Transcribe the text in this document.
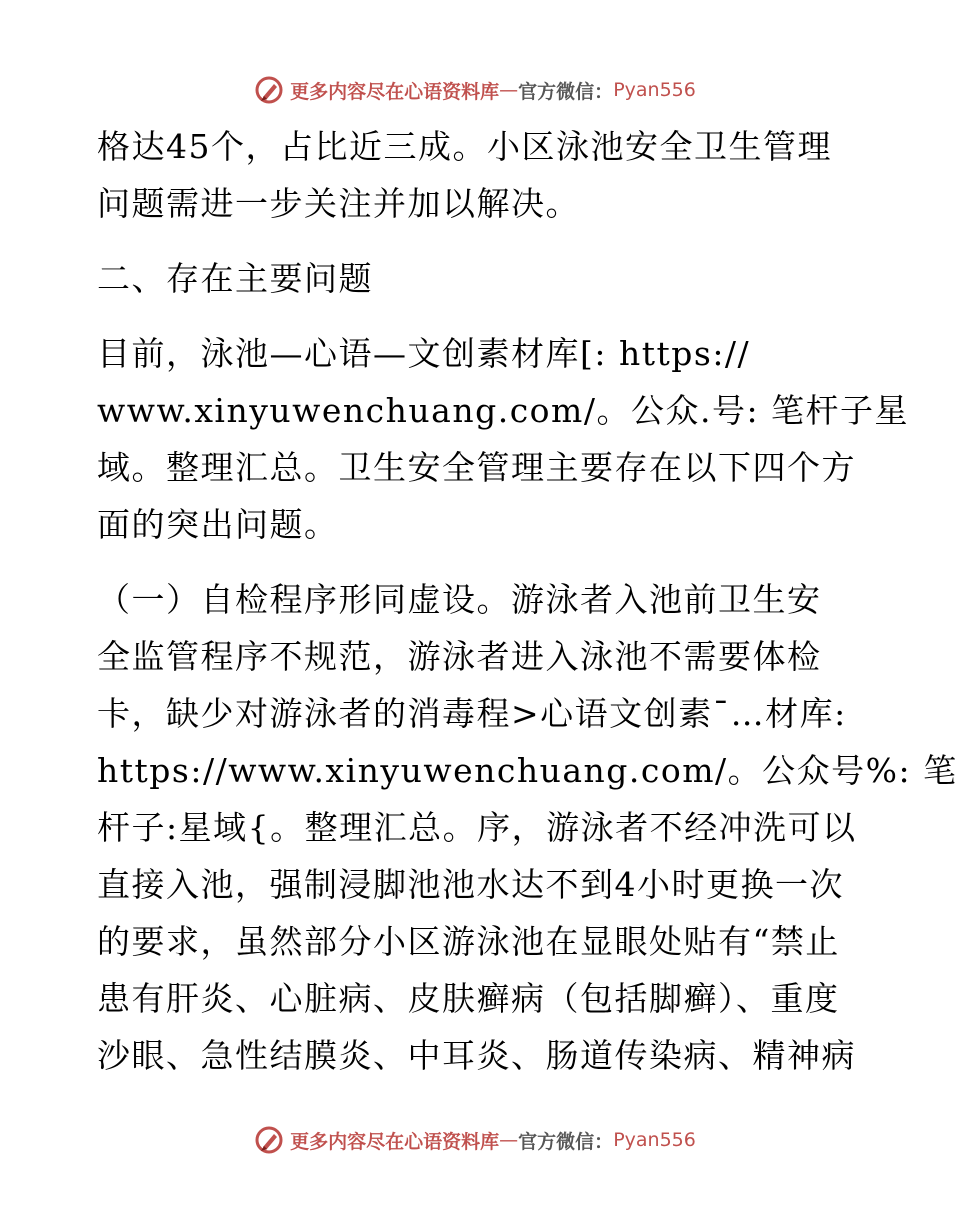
更多内容尽在心语资料库 — 官方微信： Pyan556
格达45个，占比近三成。小区泳池安全卫生管理
问题需进一步关注并加以解决。
二、存在主要问题
目前，泳池—心语—文创素材库[: https://
www.xinyuwenchuang.com/。公众.号: 笔杆子星
域。整理汇总。卫生安全管理主要存在以下四个方
面的突出问题。
（一）自检程序形同虚设。游泳者入池前卫生安
全监管程序不规范，游泳者进入泳池不需要体检
卡，缺少对游泳者的消毒程>心语文创素¯…材库:
https://www.xinyuwenchuang.com/。公众号%: 笔
杆子:星域{。整理汇总。序，游泳者不经冲洗可以
直接入池，强制浸脚池池水达不到4小时更换一次
的要求，虽然部分小区游泳池在显眼处贴有“禁止
患有肝炎、心脏病、皮肤癣病（包括脚癣）、重度
沙眼、急性结膜炎、中耳炎、肠道传染病、精神病
更多内容尽在心语资料库 — 官方微信： Pyan556
